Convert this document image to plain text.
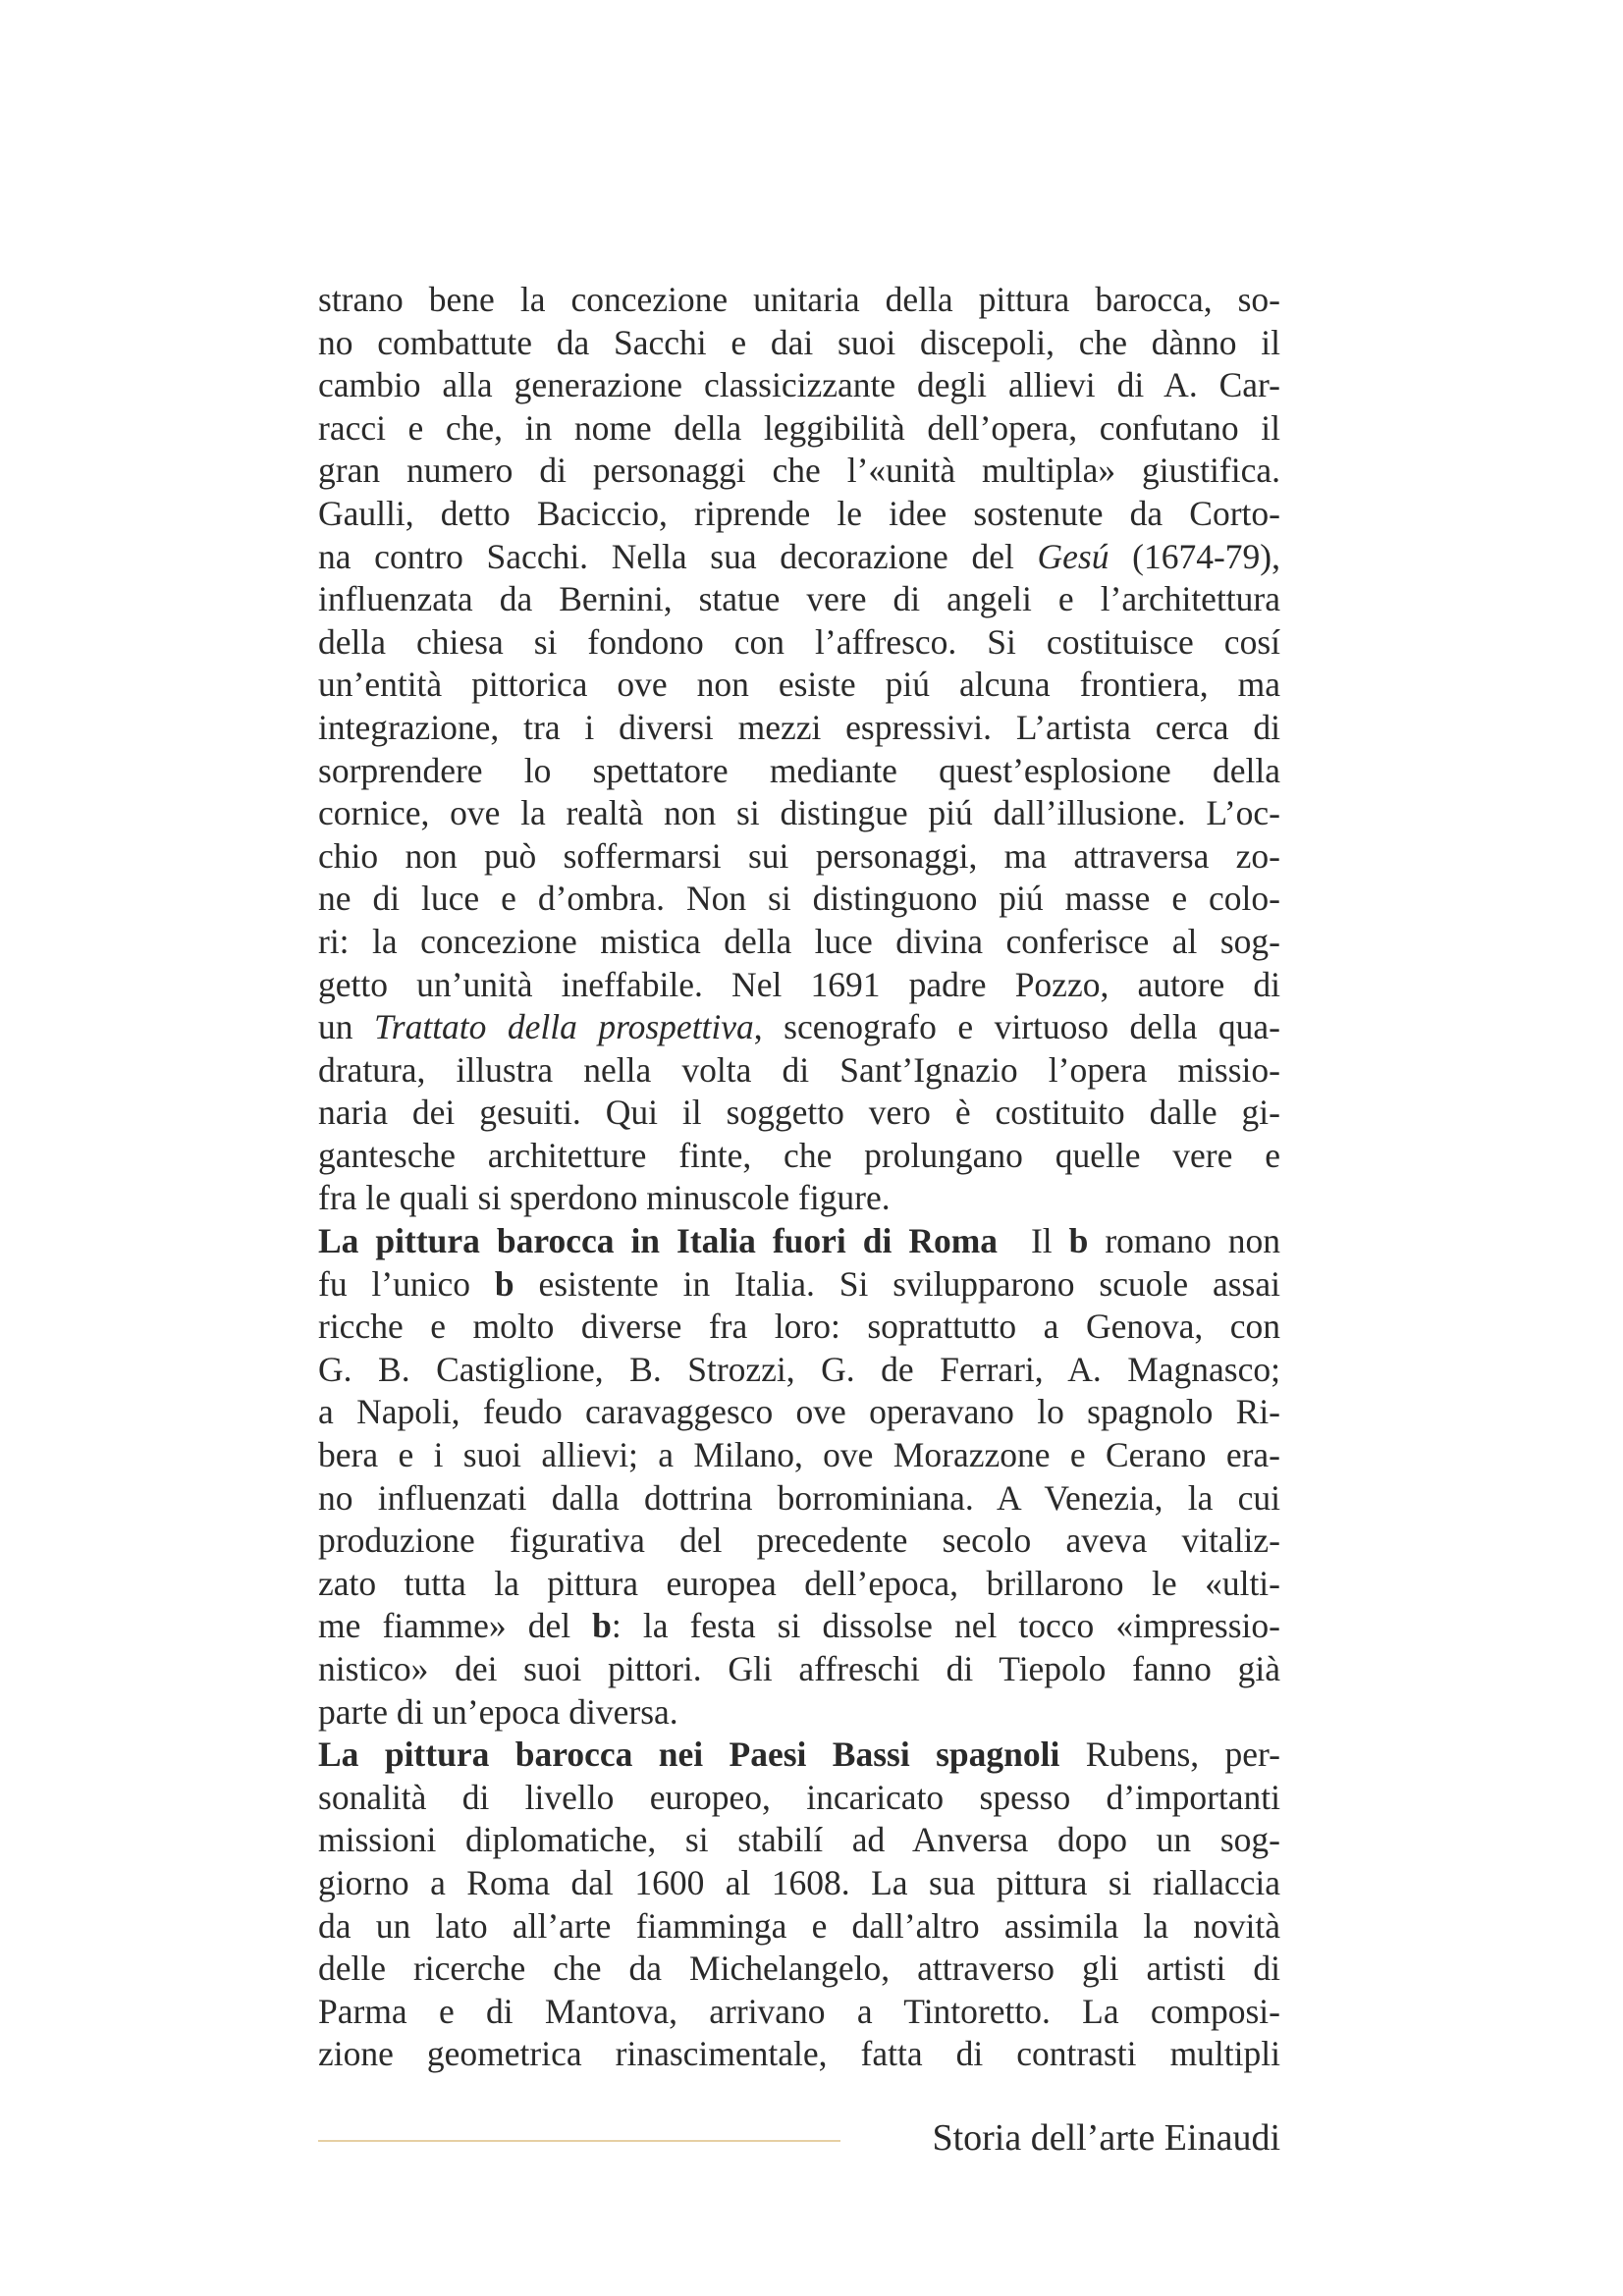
strano bene la concezione unitaria della pittura barocca, so-
no combattute da Sacchi e dai suoi discepoli, che dànno il
cambio alla generazione classicizzante degli allievi di A. Car-
racci e che, in nome della leggibilità dell’opera, confutano il
gran numero di personaggi che l’«unità multipla» giustifica.
Gaulli, detto Baciccio, riprende le idee sostenute da Corto-
na contro Sacchi. Nella sua decorazione del Gesú (1674-79),
influenzata da Bernini, statue vere di angeli e l’architettura
della chiesa si fondono con l’affresco. Si costituisce cosí
un’entità pittorica ove non esiste piú alcuna frontiera, ma
integrazione, tra i diversi mezzi espressivi. L’artista cerca di
sorprendere lo spettatore mediante quest’esplosione della
cornice, ove la realtà non si distingue piú dall’illusione. L’oc-
chio non può soffermarsi sui personaggi, ma attraversa zo-
ne di luce e d’ombra. Non si distinguono piú masse e colo-
ri: la concezione mistica della luce divina conferisce al sog-
getto un’unità ineffabile. Nel 1691 padre Pozzo, autore di
un Trattato della prospettiva, scenografo e virtuoso della qua-
dratura, illustra nella volta di Sant’Ignazio l’opera missio-
naria dei gesuiti. Qui il soggetto vero è costituito dalle gi-
gantesche architetture finte, che prolungano quelle vere e
fra le quali si sperdono minuscole figure.
La pittura barocca in Italia fuori di Roma  Il b romano non
fu l’unico b esistente in Italia. Si svilupparono scuole assai
ricche e molto diverse fra loro: soprattutto a Genova, con
G. B. Castiglione, B. Strozzi, G. de Ferrari, A. Magnasco;
a Napoli, feudo caravaggesco ove operavano lo spagnolo Ri-
bera e i suoi allievi; a Milano, ove Morazzone e Cerano era-
no influenzati dalla dottrina borrominiana. A Venezia, la cui
produzione figurativa del precedente secolo aveva vitaliz-
zato tutta la pittura europea dell’epoca, brillarono le «ulti-
me fiamme» del b: la festa si dissolse nel tocco «impressio-
nistico» dei suoi pittori. Gli affreschi di Tiepolo fanno già
parte di un’epoca diversa.
La pittura barocca nei Paesi Bassi spagnoli Rubens, per-
sonalità di livello europeo, incaricato spesso d’importanti
missioni diplomatiche, si stabilí ad Anversa dopo un sog-
giorno a Roma dal 1600 al 1608. La sua pittura si riallaccia
da un lato all’arte fiamminga e dall’altro assimila la novità
delle ricerche che da Michelangelo, attraverso gli artisti di
Parma e di Mantova, arrivano a Tintoretto. La composi-
zione geometrica rinascimentale, fatta di contrasti multipli
Storia dell’arte Einaudi
